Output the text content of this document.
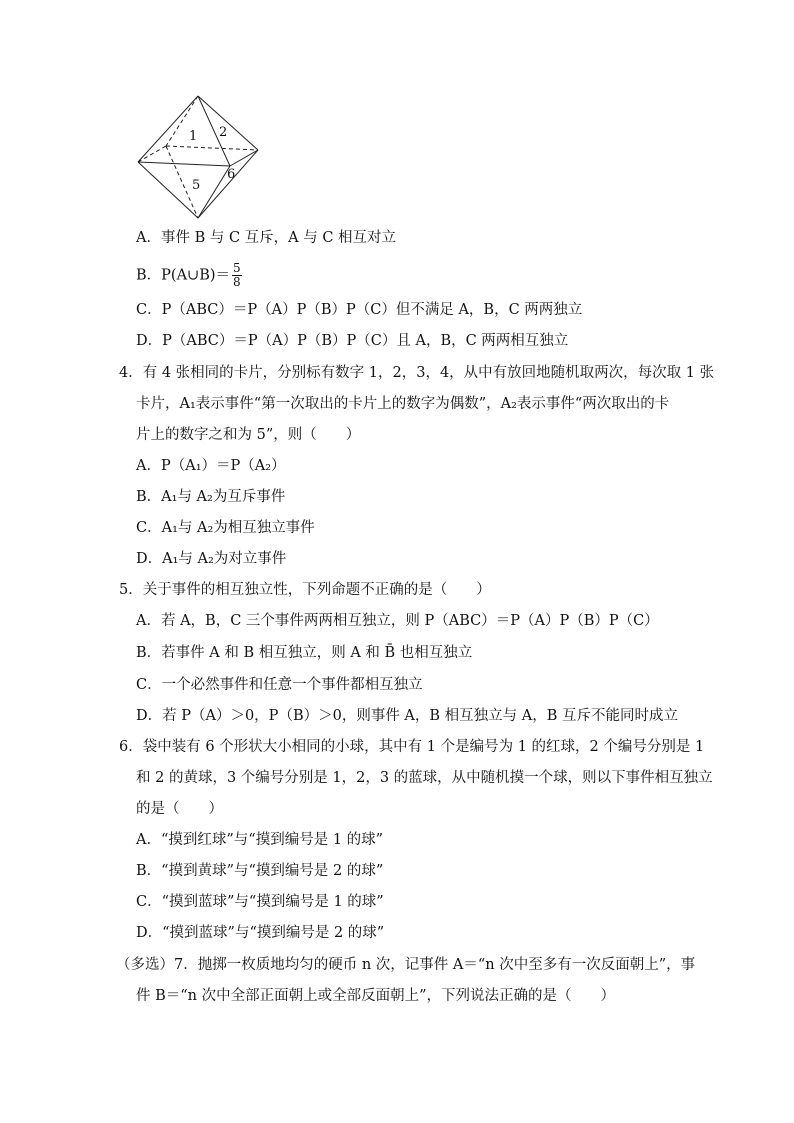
1 2
5
6
A．事件 B 与 C 互斥，A 与 C 相互对立
B．P(A∪B)＝ $\frac{5}{8}$
C．P（ABC）＝P（A）P（B）P（C）但不满足 A，B，C 两两独立
D．P（ABC）＝P（A）P（B）P（C）且 A，B，C 两两相互独立
4．有 4 张相同的卡片，分别标有数字 1，2，3，4，从中有放回地随机取两次，每次取 1 张
卡片，A₁表示事件“第一次取出的卡片上的数字为偶数”，A₂表示事件“两次取出的卡
片上的数字之和为 5”，则（　　）
A．P（A₁）＝P（A₂）
B．A₁与 A₂为互斥事件
C．A₁与 A₂为相互独立事件
D．A₁与 A₂为对立事件
5．关于事件的相互独立性，下列命题不正确的是（　　）
A．若 A，B，C 三个事件两两相互独立，则 P（ABC）＝P（A）P（B）P（C）
B．若事件 A 和 B 相互独立，则 A 和 B̄ 也相互独立
C．一个必然事件和任意一个事件都相互独立
D．若 P（A）＞0，P（B）＞0，则事件 A，B 相互独立与 A，B 互斥不能同时成立
6．袋中装有 6 个形状大小相同的小球，其中有 1 个是编号为 1 的红球，2 个编号分别是 1
和 2 的黄球，3 个编号分别是 1，2，3 的蓝球，从中随机摸一个球，则以下事件相互独立
的是（　　）
A．“摸到红球”与“摸到编号是 1 的球”
B．“摸到黄球”与“摸到编号是 2 的球”
C．“摸到蓝球”与“摸到编号是 1 的球”
D．“摸到蓝球”与“摸到编号是 2 的球”
（多选）7．抛掷一枚质地均匀的硬币 n 次，记事件 A＝“n 次中至多有一次反面朝上”，事
件 B＝“n 次中全部正面朝上或全部反面朝上”，下列说法正确的是（　　）
